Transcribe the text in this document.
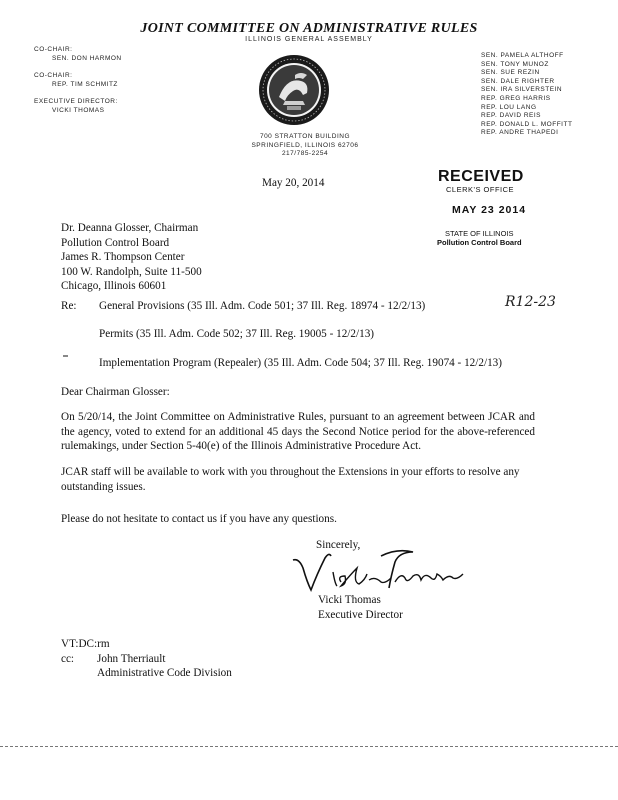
JOINT COMMITTEE ON ADMINISTRATIVE RULES
ILLINOIS GENERAL ASSEMBLY
CO-CHAIR:
SEN. DON HARMON
CO-CHAIR:
REP. TIM SCHMITZ
EXECUTIVE DIRECTOR:
VICKI THOMAS
SEN. PAMELA ALTHOFF
SEN. TONY MUNOZ
SEN. SUE REZIN
SEN. DALE RIGHTER
SEN. IRA SILVERSTEIN
REP. GREG HARRIS
REP. LOU LANG
REP. DAVID REIS
REP. DONALD L. MOFFITT
REP. ANDRE THAPEDI
700 STRATTON BUILDING
SPRINGFIELD, ILLINOIS 62706
217/785-2254
May 20, 2014	RECEIVED
CLERK'S OFFICE
MAY 23 2014
STATE OF ILLINOIS
Pollution Control Board
Dr. Deanna Glosser, Chairman
Pollution Control Board
James R. Thompson Center
100 W. Randolph, Suite 11-500
Chicago, Illinois 60601
R12-23
Re: General Provisions (35 Ill. Adm. Code 501; 37 Ill. Reg. 18974 - 12/2/13)
Permits (35 Ill. Adm. Code 502; 37 Ill. Reg. 19005 - 12/2/13)
Implementation Program (Repealer) (35 Ill. Adm. Code 504; 37 Ill. Reg. 19074 - 12/2/13)
Dear Chairman Glosser:
On 5/20/14, the Joint Committee on Administrative Rules, pursuant to an agreement between JCAR and the agency, voted to extend for an additional 45 days the Second Notice period for the above-referenced rulemakings, under Section 5-40(e) of the Illinois Administrative Procedure Act.
JCAR staff will be available to work with you throughout the Extensions in your efforts to resolve any outstanding issues.
Please do not hesitate to contact us if you have any questions.
Sincerely,
Vicki Thomas
Executive Director
VT:DC:rm
cc: John Therriault
Administrative Code Division
